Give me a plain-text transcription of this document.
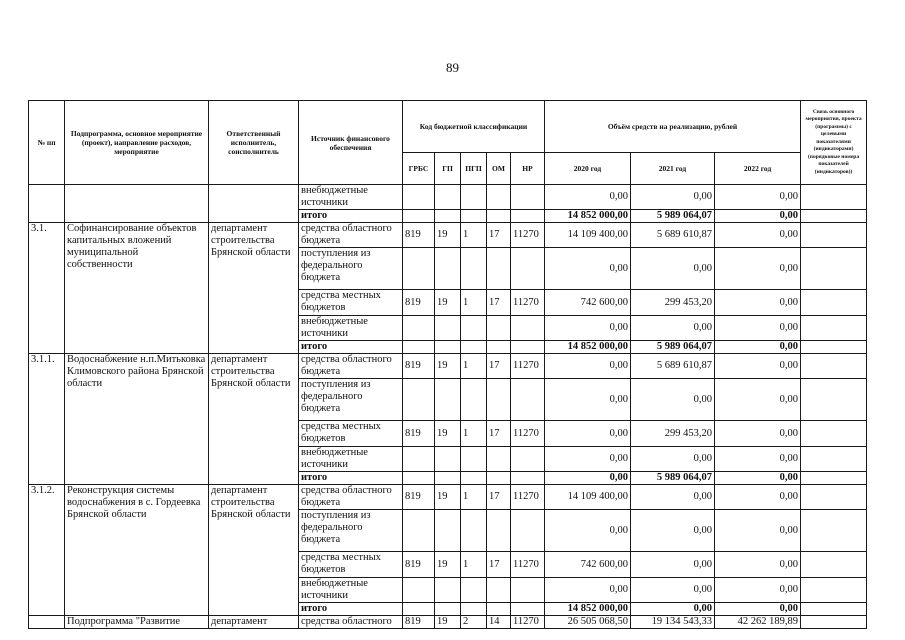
89
№ пп	Подпрограмма, основное мероприятие (проект), направление расходов, мероприятие	Ответственный исполнитель, соисполнитель	Источник финансового обеспечения	Код бюджетной классификации					Объём средств на реализацию, рублей			Связь основного мероприятия, проекта (программы) с целевыми показателями (индикаторами) (порядковые номера показателей (индикаторов))
				ГРБС	ГП	ПГП	ОМ	НР	2020 год	2021 год	2022 год	
			внебюджетные источники						0,00	0,00	0,00	
			итого						14 852 000,00	5 989 064,07	0,00	
3.1.	Софинансирование объектов капитальных вложений муниципальной собственности	департамент строительства Брянской области	средства областного бюджета	819	19	1	17	11270	14 109 400,00	5 689 610,87	0,00	
			поступления из федерального бюджета						0,00	0,00	0,00	
			средства местных бюджетов	819	19	1	17	11270	742 600,00	299 453,20	0,00	
			внебюджетные источники						0,00	0,00	0,00	
			итого						14 852 000,00	5 989 064,07	0,00	
3.1.1.	Водоснабжение н.п.Митьковка Климовского района Брянской области	департамент строительства Брянской области	средства областного бюджета	819	19	1	17	11270	0,00	5 689 610,87	0,00	
			поступления из федерального бюджета						0,00	0,00	0,00	
			средства местных бюджетов	819	19	1	17	11270	0,00	299 453,20	0,00	
			внебюджетные источники						0,00	0,00	0,00	
			итого						0,00	5 989 064,07	0,00	
3.1.2.	Реконструкция системы водоснабжения в с. Гордеевка Брянской области	департамент строительства Брянской области	средства областного бюджета	819	19	1	17	11270	14 109 400,00	0,00	0,00	
			поступления из федерального бюджета						0,00	0,00	0,00	
			средства местных бюджетов	819	19	1	17	11270	742 600,00	0,00	0,00	
			внебюджетные источники						0,00	0,00	0,00	
			итого						14 852 000,00	0,00	0,00	
	Подпрограмма "Развитие	департамент	средства областного	819	19	2	14	11270	26 505 068,50	19 134 543,33	42 262 189,89	
